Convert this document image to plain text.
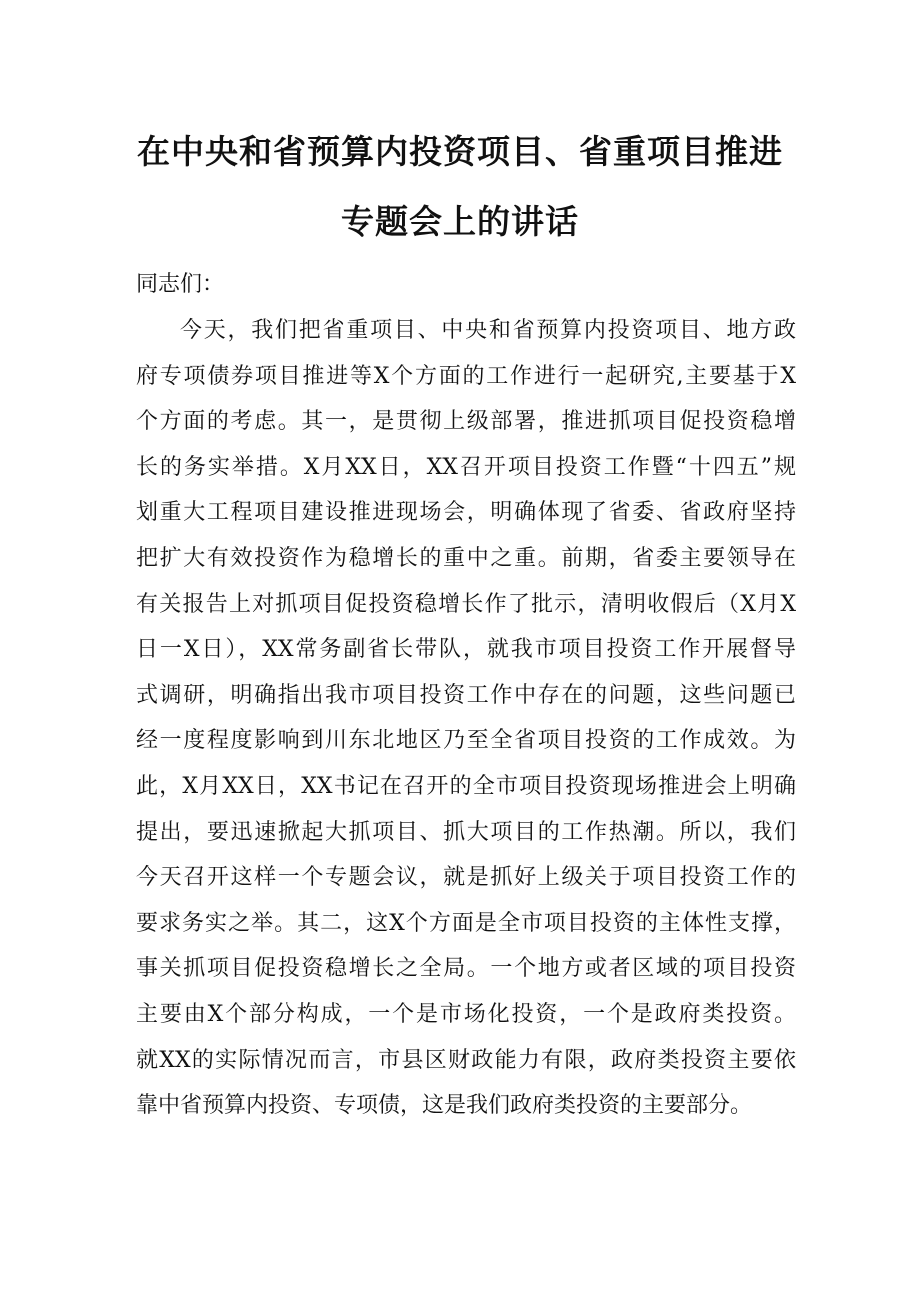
在中央和省预算内投资项目、省重项目推进
专题会上的讲话
同志们：
今天，我们把省重项目、中央和省预算内投资项目、地方政
府专项债券项目推进等X个方面的工作进行一起研究,主要基于X
个方面的考虑。其一，是贯彻上级部署，推进抓项目促投资稳增
长的务实举措。X月XX日，XX召开项目投资工作暨“十四五”规
划重大工程项目建设推进现场会，明确体现了省委、省政府坚持
把扩大有效投资作为稳增长的重中之重。前期，省委主要领导在
有关报告上对抓项目促投资稳增长作了批示，清明收假后（X月X
日一X日），XX常务副省长带队，就我市项目投资工作开展督导
式调研，明确指出我市项目投资工作中存在的问题，这些问题已
经一度程度影响到川东北地区乃至全省项目投资的工作成效。为
此，X月XX日，XX书记在召开的全市项目投资现场推进会上明确
提出，要迅速掀起大抓项目、抓大项目的工作热潮。所以，我们
今天召开这样一个专题会议，就是抓好上级关于项目投资工作的
要求务实之举。其二，这X个方面是全市项目投资的主体性支撑，
事关抓项目促投资稳增长之全局。一个地方或者区域的项目投资
主要由X个部分构成，一个是市场化投资，一个是政府类投资。
就XX的实际情况而言，市县区财政能力有限，政府类投资主要依
靠中省预算内投资、专项债，这是我们政府类投资的主要部分。
